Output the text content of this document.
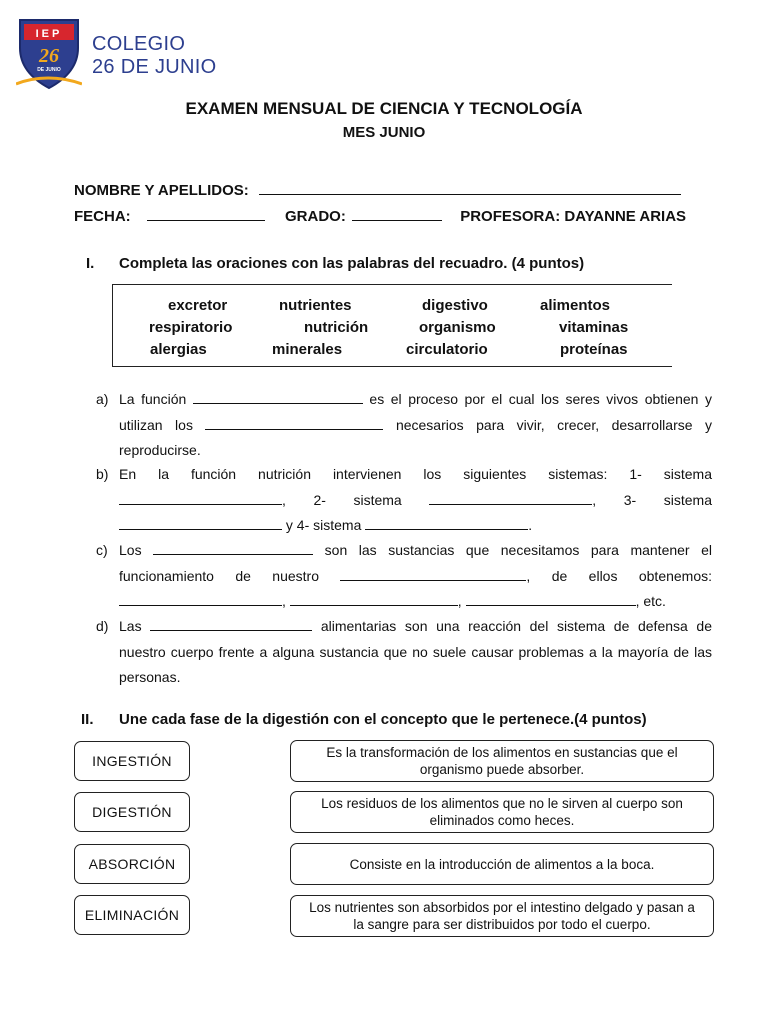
IEP
26
DE JUNIO
COLEGIO
26 DE JUNIO
EXAMEN MENSUAL DE CIENCIA Y TECNOLOGÍA
MES JUNIO
NOMBRE Y APELLIDOS:
FECHA:	GRADO:	PROFESORA: DAYANNE ARIAS
I. Completa las oraciones con las palabras del recuadro. (4 puntos)
excretor	nutrientes	digestivo	alimentos
respiratorio	nutrición	organismo	vitaminas
alergias	minerales	circulatorio	proteínas
a) La función	es el proceso por el cual los seres vivos obtienen y utilizan los	necesarios para vivir, crecer, desarrollarse y reproducirse.
b) En la función nutrición intervienen los siguientes sistemas: 1- sistema , 2- sistema	, 3- sistema  y 4- sistema	.
c) Los	son las sustancias que necesitamos para mantener el funcionamiento de nuestro	, de ellos obtenemos: ,	,	, etc.
d) Las	alimentarias son una reacción del sistema de defensa de nuestro cuerpo frente a alguna sustancia que no suele causar problemas a la mayoría de las personas.
II. Une cada fase de la digestión con el concepto que le pertenece.(4 puntos)
INGESTIÓN
DIGESTIÓN
ABSORCIÓN
ELIMINACIÓN
Es la transformación de los alimentos en sustancias que el organismo puede absorber.
Los residuos de los alimentos que no le sirven al cuerpo son eliminados como heces.
Consiste en la introducción de alimentos a la boca.
Los nutrientes son absorbidos por el intestino delgado y pasan a la sangre para ser distribuidos por todo el cuerpo.
